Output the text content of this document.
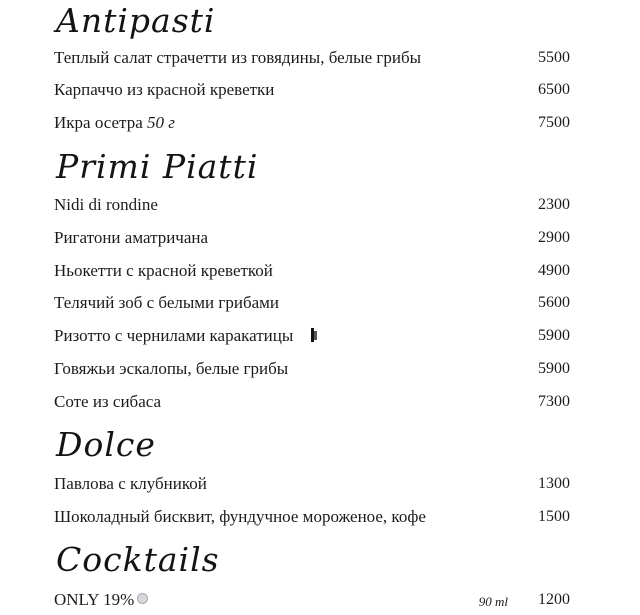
Antipasti
Теплый салат страчетти из говядины, белые грибы	5500
Карпаччо из красной креветки	6500
Икра осетра 50 г	7500
Primi Piatti
Nidi di rondine	2300
Ригатони аматричана	2900
Ньокетти с красной креветкой	4900
Телячий зоб с белыми грибами	5600
Ризотто с чернилами каракатицы	5900
Говяжьи эскалопы, белые грибы	5900
Соте из сибаса	7300
Dolce
Павлова с клубникой	1300
Шоколадный бисквит, фундучное мороженое, кофе	1500
Cocktails
ONLY 19%	90 ml 1200
